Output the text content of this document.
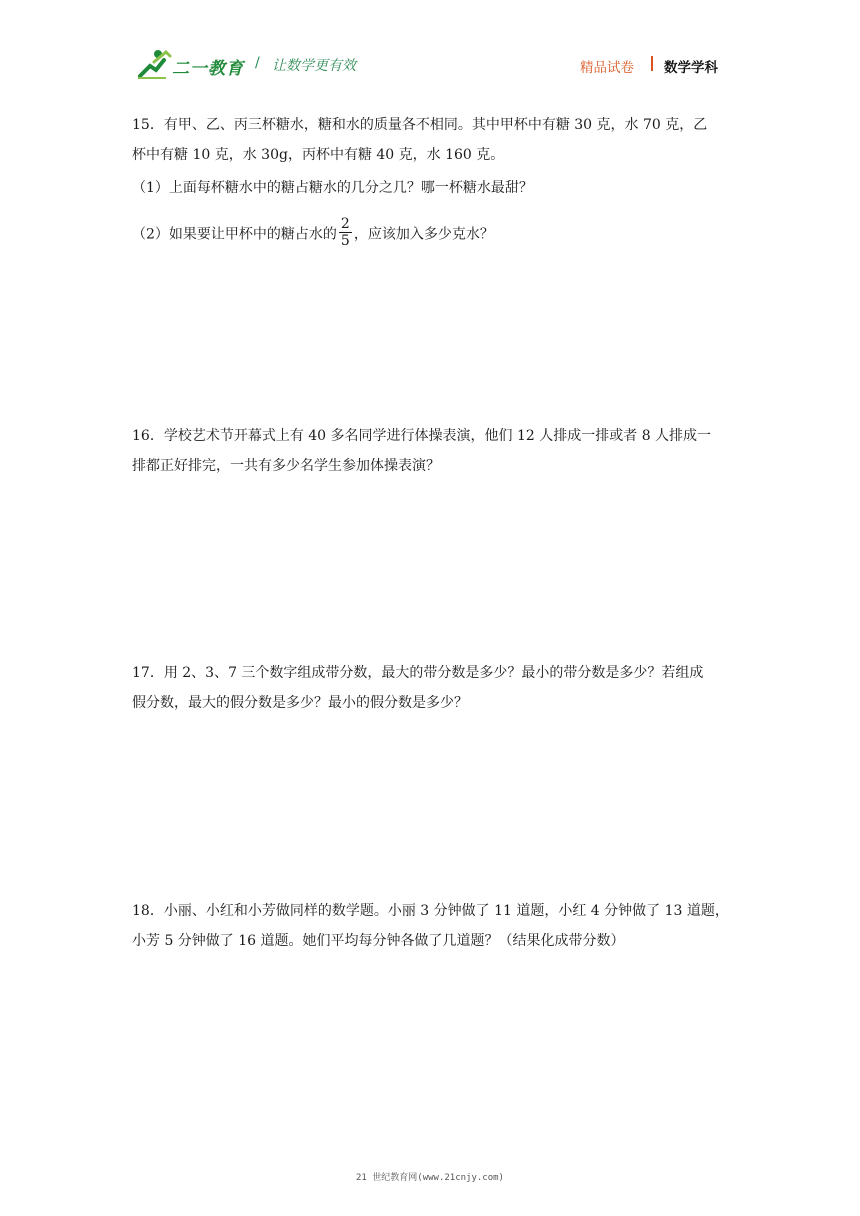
二一教育 / 让数学更有效	精品试卷 数学学科

15．有甲、乙、丙三杯糖水，糖和水的质量各不相同。其中甲杯中有糖 30 克，水 70 克，乙

杯中有糖 10 克，水 30g，丙杯中有糖 40 克，水 160 克。

（1）上面每杯糖水中的糖占糖水的几分之几？哪一杯糖水最甜？
（2）如果要让甲杯中的糖占水的 $\frac{2}{5}$ ，应该加入多少克水？

16．学校艺术节开幕式上有 40 多名同学进行体操表演，他们 12 人排成一排或者 8 人排成一

排都正好排完，一共有多少名学生参加体操表演？

17．用 2、3、7 三个数字组成带分数，最大的带分数是多少？最小的带分数是多少？若组成

假分数，最大的假分数是多少？最小的假分数是多少？

18．小丽、小红和小芳做同样的数学题。小丽 3 分钟做了 11 道题，小红 4 分钟做了 13 道题，

小芳 5 分钟做了 16 道题。她们平均每分钟各做了几道题？（结果化成带分数）

21 世纪教育网(www.21cnjy.com)
